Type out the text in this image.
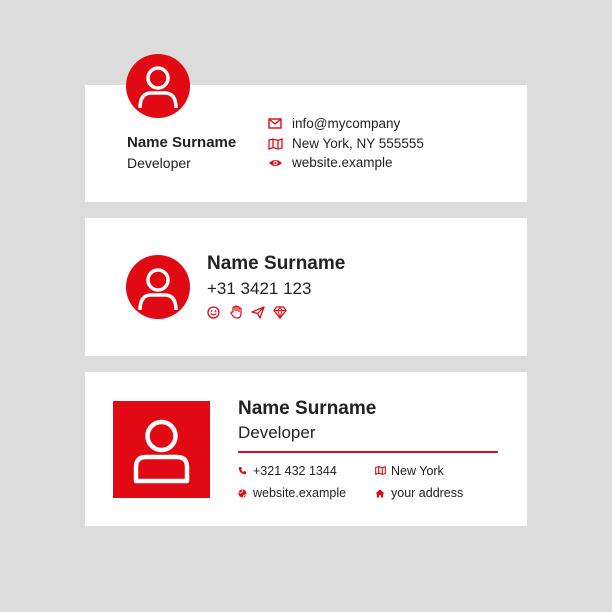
Name Surname
Developer
info@mycompany
New York, NY 555555
website.example
Name Surname
+31 3421 123
Name Surname
Developer
+321 432 1344	New York
website.example	your address
